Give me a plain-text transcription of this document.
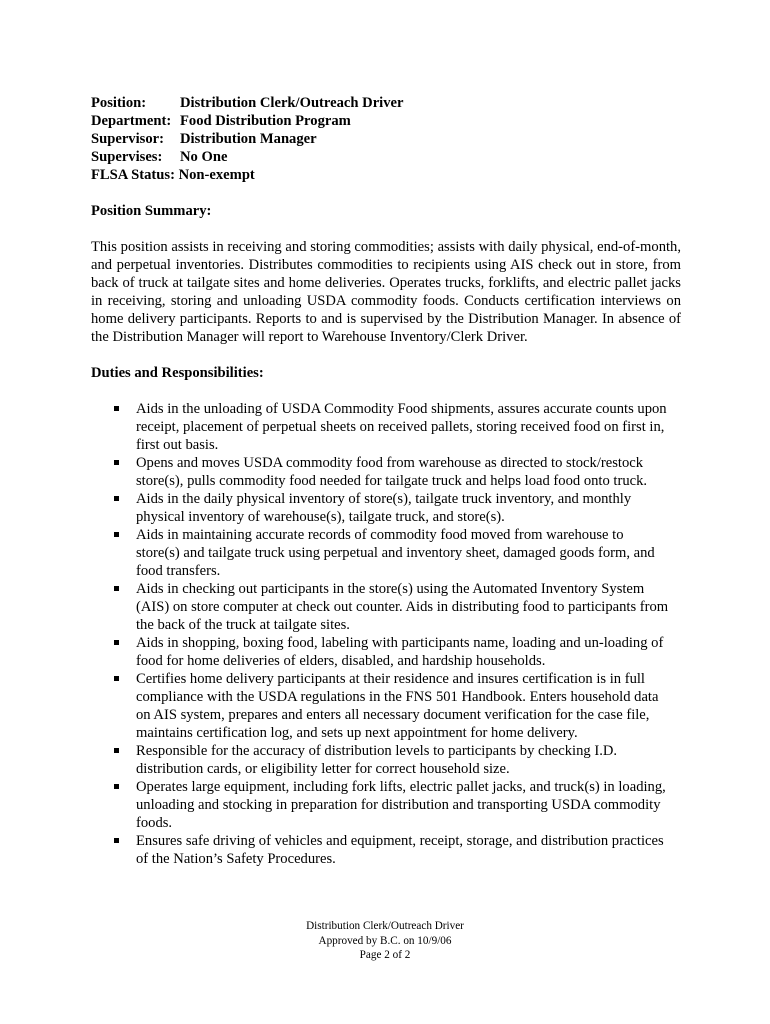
Position: Distribution Clerk/Outreach Driver
Department: Food Distribution Program
Supervisor: Distribution Manager
Supervises: No One
FLSA Status: Non-exempt
Position Summary:
This position assists in receiving and storing commodities; assists with daily physical, end-of-month, and perpetual inventories. Distributes commodities to recipients using AIS check out in store, from back of truck at tailgate sites and home deliveries. Operates trucks, forklifts, and electric pallet jacks in receiving, storing and unloading USDA commodity foods. Conducts certification interviews on home delivery participants. Reports to and is supervised by the Distribution Manager. In absence of the Distribution Manager will report to Warehouse Inventory/Clerk Driver.
Duties and Responsibilities:
Aids in the unloading of USDA Commodity Food shipments, assures accurate counts upon receipt, placement of perpetual sheets on received pallets, storing received food on first in, first out basis.
Opens and moves USDA commodity food from warehouse as directed to stock/restock store(s), pulls commodity food needed for tailgate truck and helps load food onto truck.
Aids in the daily physical inventory of store(s), tailgate truck inventory, and monthly physical inventory of warehouse(s), tailgate truck, and store(s).
Aids in maintaining accurate records of commodity food moved from warehouse to store(s) and tailgate truck using perpetual and inventory sheet, damaged goods form, and food transfers.
Aids in checking out participants in the store(s) using the Automated Inventory System (AIS) on store computer at check out counter. Aids in distributing food to participants from the back of the truck at tailgate sites.
Aids in shopping, boxing food, labeling with participants name, loading and un-loading of food for home deliveries of elders, disabled, and hardship households.
Certifies home delivery participants at their residence and insures certification is in full compliance with the USDA regulations in the FNS 501 Handbook. Enters household data on AIS system, prepares and enters all necessary document verification for the case file, maintains certification log, and sets up next appointment for home delivery.
Responsible for the accuracy of distribution levels to participants by checking I.D. distribution cards, or eligibility letter for correct household size.
Operates large equipment, including fork lifts, electric pallet jacks, and truck(s) in loading, unloading and stocking in preparation for distribution and transporting USDA commodity foods.
Ensures safe driving of vehicles and equipment, receipt, storage, and distribution practices of the Nation’s Safety Procedures.
Distribution Clerk/Outreach Driver
Approved by B.C. on 10/9/06
Page 2 of 2
